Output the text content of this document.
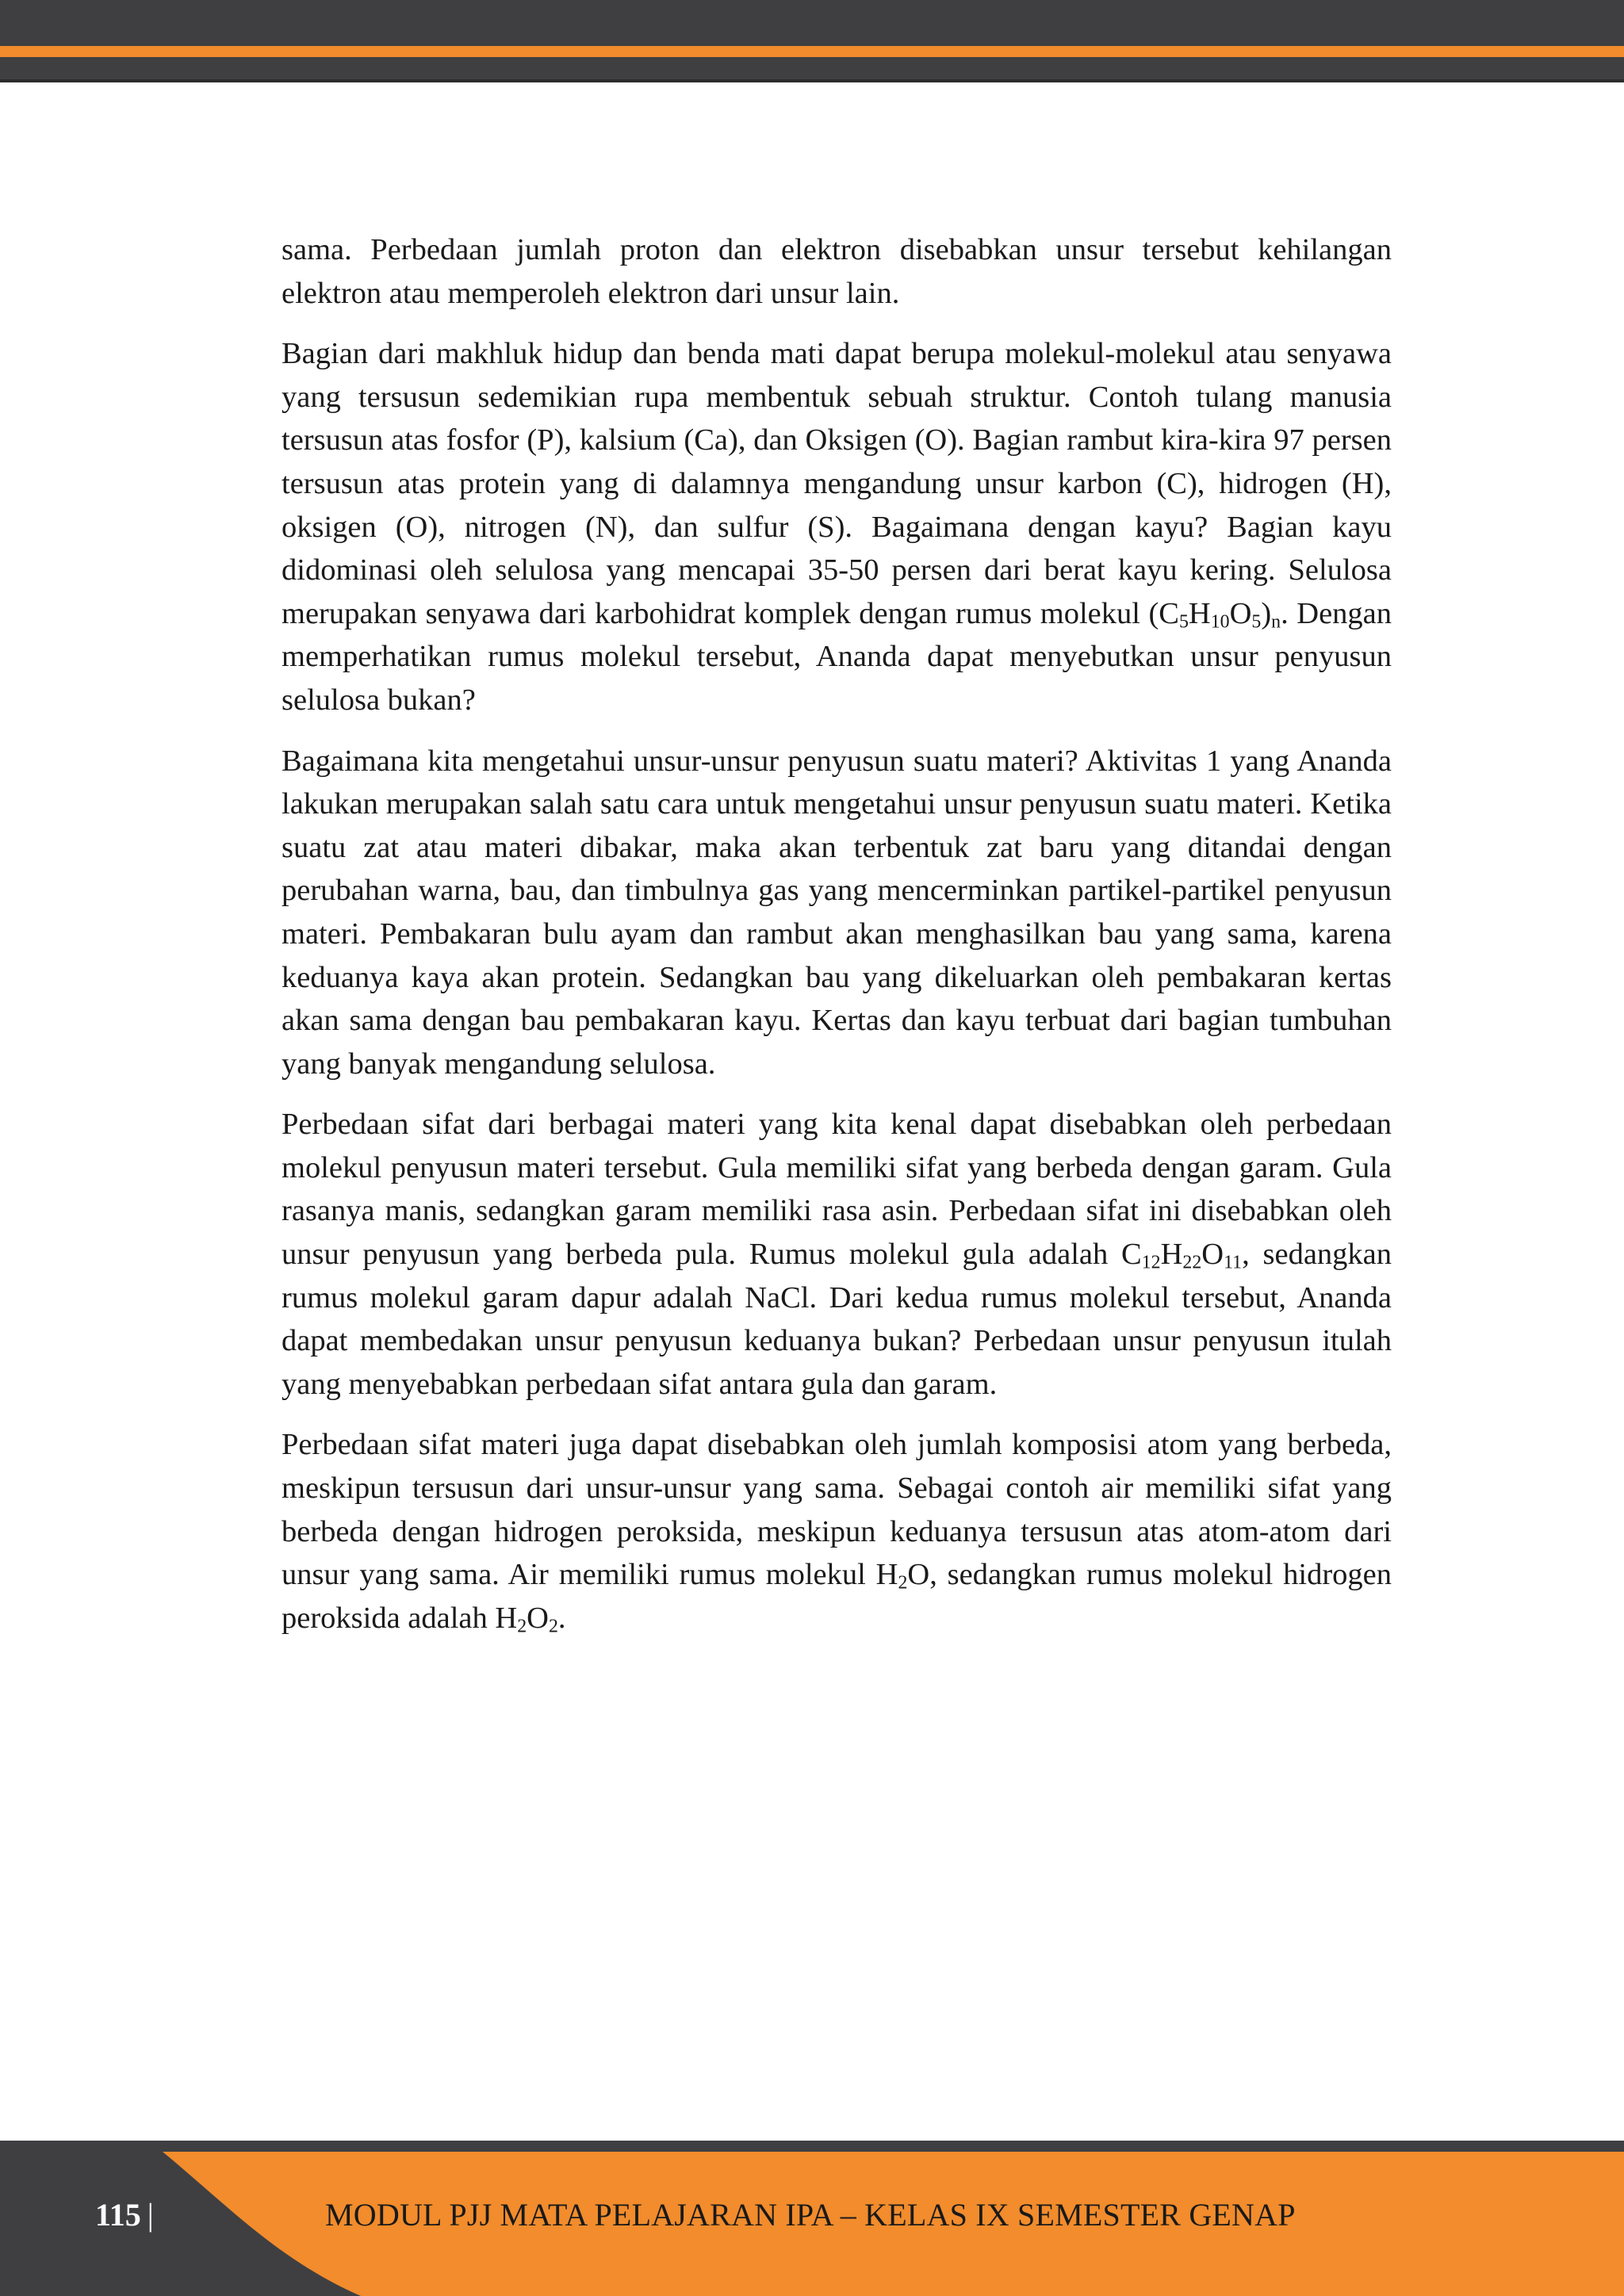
sama. Perbedaan jumlah proton dan elektron disebabkan unsur tersebut kehilangan elektron atau memperoleh elektron dari unsur lain.

Bagian dari makhluk hidup dan benda mati dapat berupa molekul-molekul atau senyawa yang tersusun sedemikian rupa membentuk sebuah struktur. Contoh tulang manusia tersusun atas fosfor (P), kalsium (Ca), dan Oksigen (O). Bagian rambut kira-kira 97 persen tersusun atas protein yang di dalamnya mengandung unsur karbon (C), hidrogen (H), oksigen (O), nitrogen (N), dan sulfur (S). Bagaimana dengan kayu? Bagian kayu didominasi oleh selulosa yang mencapai 35-50 persen dari berat kayu kering. Selulosa merupakan senyawa dari karbohidrat komplek dengan rumus molekul $(C_5H_{10}O_5)_n$. Dengan memperhatikan rumus molekul tersebut, Ananda dapat menyebutkan unsur penyusun selulosa bukan?

Bagaimana kita mengetahui unsur-unsur penyusun suatu materi? Aktivitas 1 yang Ananda lakukan merupakan salah satu cara untuk mengetahui unsur penyusun suatu materi. Ketika suatu zat atau materi dibakar, maka akan terbentuk zat baru yang ditandai dengan perubahan warna, bau, dan timbulnya gas yang mencerminkan partikel-partikel penyusun materi. Pembakaran bulu ayam dan rambut akan menghasilkan bau yang sama, karena keduanya kaya akan protein. Sedangkan bau yang dikeluarkan oleh pembakaran kertas akan sama dengan bau pembakaran kayu. Kertas dan kayu terbuat dari bagian tumbuhan yang banyak mengandung selulosa.

Perbedaan sifat dari berbagai materi yang kita kenal dapat disebabkan oleh perbedaan molekul penyusun materi tersebut. Gula memiliki sifat yang berbeda dengan garam. Gula rasanya manis, sedangkan garam memiliki rasa asin. Perbedaan sifat ini disebabkan oleh unsur penyusun yang berbeda pula. Rumus molekul gula adalah $C_{12}H_{22}O_{11}$, sedangkan rumus molekul garam dapur adalah NaCl. Dari kedua rumus molekul tersebut, Ananda dapat membedakan unsur penyusun keduanya bukan? Perbedaan unsur penyusun itulah yang menyebabkan perbedaan sifat antara gula dan garam.

Perbedaan sifat materi juga dapat disebabkan oleh jumlah komposisi atom yang berbeda, meskipun tersusun dari unsur-unsur yang sama. Sebagai contoh air memiliki sifat yang berbeda dengan hidrogen peroksida, meskipun keduanya tersusun atas atom-atom dari unsur yang sama. Air memiliki rumus molekul $H_2O$, sedangkan rumus molekul hidrogen peroksida adalah $H_2O_2$.

115 |	MODUL PJJ MATA PELAJARAN IPA – KELAS IX SEMESTER GENAP
